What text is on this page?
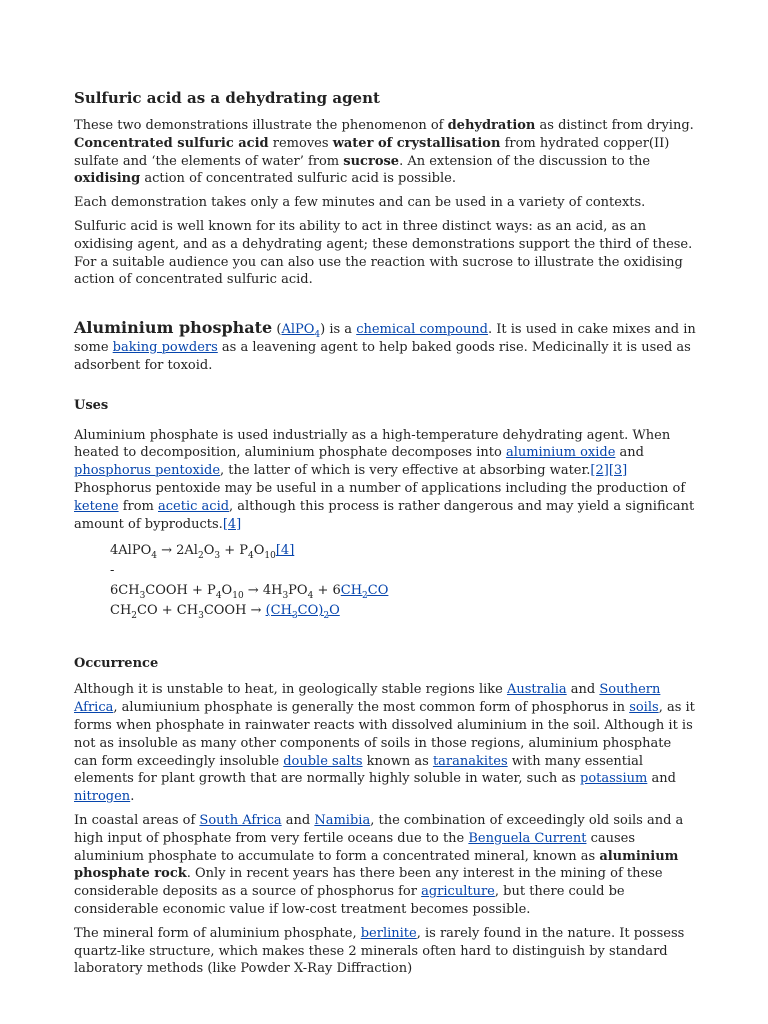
Sulfuric acid as a dehydrating agent

These two demonstrations illustrate the phenomenon of dehydration as distinct from drying. Concentrated sulfuric acid removes water of crystallisation from hydrated copper(II) sulfate and ‘the elements of water’ from sucrose. An extension of the discussion to the oxidising action of concentrated sulfuric acid is possible.

Each demonstration takes only a few minutes and can be used in a variety of contexts.

Sulfuric acid is well known for its ability to act in three distinct ways: as an acid, as an oxidising agent, and as a dehydrating agent; these demonstrations support the third of these. For a suitable audience you can also use the reaction with sucrose to illustrate the oxidising action of concentrated sulfuric acid.

Aluminium phosphate (AlPO$_4$) is a chemical compound. It is used in cake mixes and in some baking powders as a leavening agent to help baked goods rise. Medicinally it is used as adsorbent for toxoid.

Uses

Aluminium phosphate is used industrially as a high-temperature dehydrating agent. When heated to decomposition, aluminium phosphate decomposes into aluminium oxide and phosphorus pentoxide, the latter of which is very effective at absorbing water.[2][3] Phosphorus pentoxide may be useful in a number of applications including the production of ketene from acetic acid, although this process is rather dangerous and may yield a significant amount of byproducts.[4]

4AlPO$_4$ → $2Al_2O_3 + P_4O_{10}[4]$
-
$6CH_3COOH + P_4O_{10} \to 4H_3PO_4 + 6CH_2CO$
$CH_2CO$ + $CH_3COOH \to (CH_3CO)_2O$
Occurrence

Although it is unstable to heat, in geologically stable regions like Australia and Southern Africa, alumiunium phosphate is generally the most common form of phosphorus in soils, as it forms when phosphate in rainwater reacts with dissolved aluminium in the soil. Although it is not as insoluble as many other components of soils in those regions, aluminium phosphate can form exceedingly insoluble double salts known as taranakites with many essential elements for plant growth that are normally highly soluble in water, such as potassium and nitrogen.

In coastal areas of South Africa and Namibia, the combination of exceedingly old soils and a high input of phosphate from very fertile oceans due to the Benguela Current causes aluminium phosphate to accumulate to form a concentrated mineral, known as aluminium phosphate rock. Only in recent years has there been any interest in the mining of these considerable deposits as a source of phosphorus for agriculture, but there could be considerable economic value if low-cost treatment becomes possible.

The mineral form of aluminium phosphate, berlinite, is rarely found in the nature. It possess quartz-like structure, which makes these 2 minerals often hard to distinguish by standard laboratory methods (like Powder X-Ray Diffraction)
